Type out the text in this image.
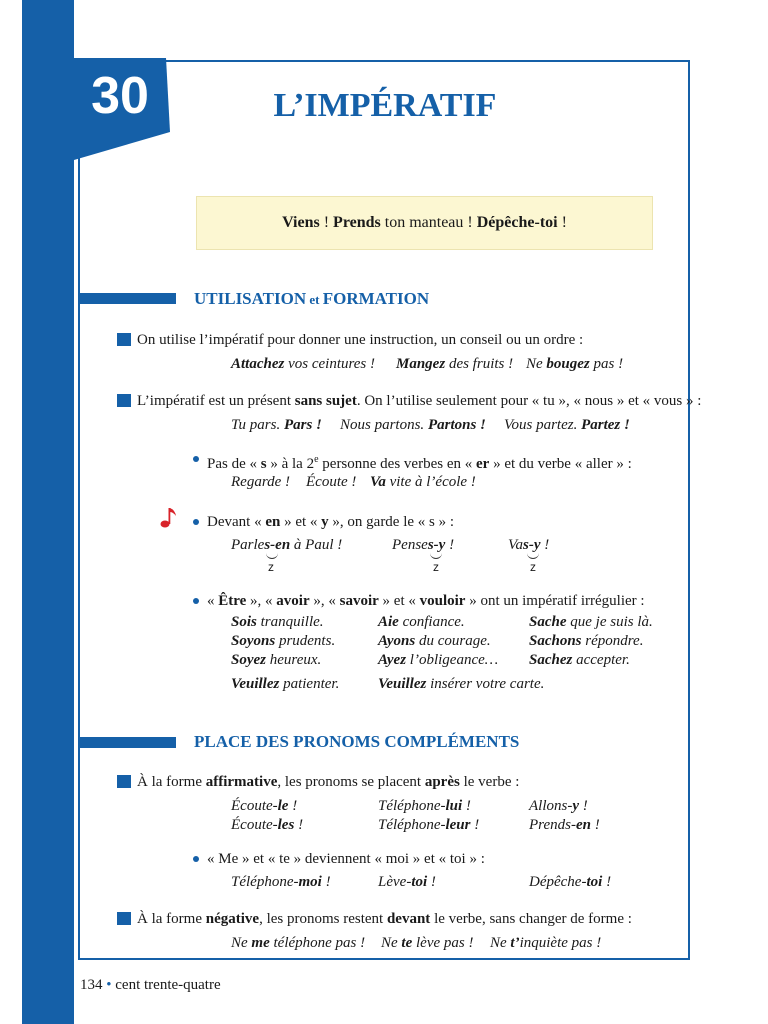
30	L’IMPÉRATIF
Viens ! Prends ton manteau ! Dépêche-toi !
UTILISATION et FORMATION
On utilise l’impératif pour donner une instruction, un conseil ou un ordre :
Attachez vos ceintures ! Mangez des fruits ! Ne bougez pas !
L’impératif est un présent sans sujet. On l’utilise seulement pour « tu », « nous » et « vous » :
Tu pars. Pars ! Nous partons. Partons ! Vous partez. Partez !
Pas de « s » à la 2e personne des verbes en « er » et du verbe « aller » :
Regarde ! Écoute ! Va vite à l’école !
Devant « en » et « y », on garde le « s » :
Parles-en à Paul !	Penses-y !	Vas-y !
z	z	z
« Être », « avoir », « savoir » et « vouloir » ont un impératif irrégulier :
Sois tranquille.	Aie confiance.	Sache que je suis là.
Soyons prudents.	Ayons du courage.	Sachons répondre.
Soyez heureux.	Ayez l’obligeance… Sachez accepter.
Veuillez patienter.	Veuillez insérer votre carte.
PLACE DES PRONOMS COMPLÉMENTS
À la forme affirmative, les pronoms se placent après le verbe :
Écoute-le !	Téléphone-lui !	Allons-y !
Écoute-les !	Téléphone-leur !	Prends-en !
« Me » et « te » deviennent « moi » et « toi » :
Téléphone-moi !	Lève-toi !	Dépêche-toi !
À la forme négative, les pronoms restent devant le verbe, sans changer de forme :
Ne me téléphone pas ! Ne te lève pas ! Ne t’inquiète pas !
134 • cent trente-quatre
